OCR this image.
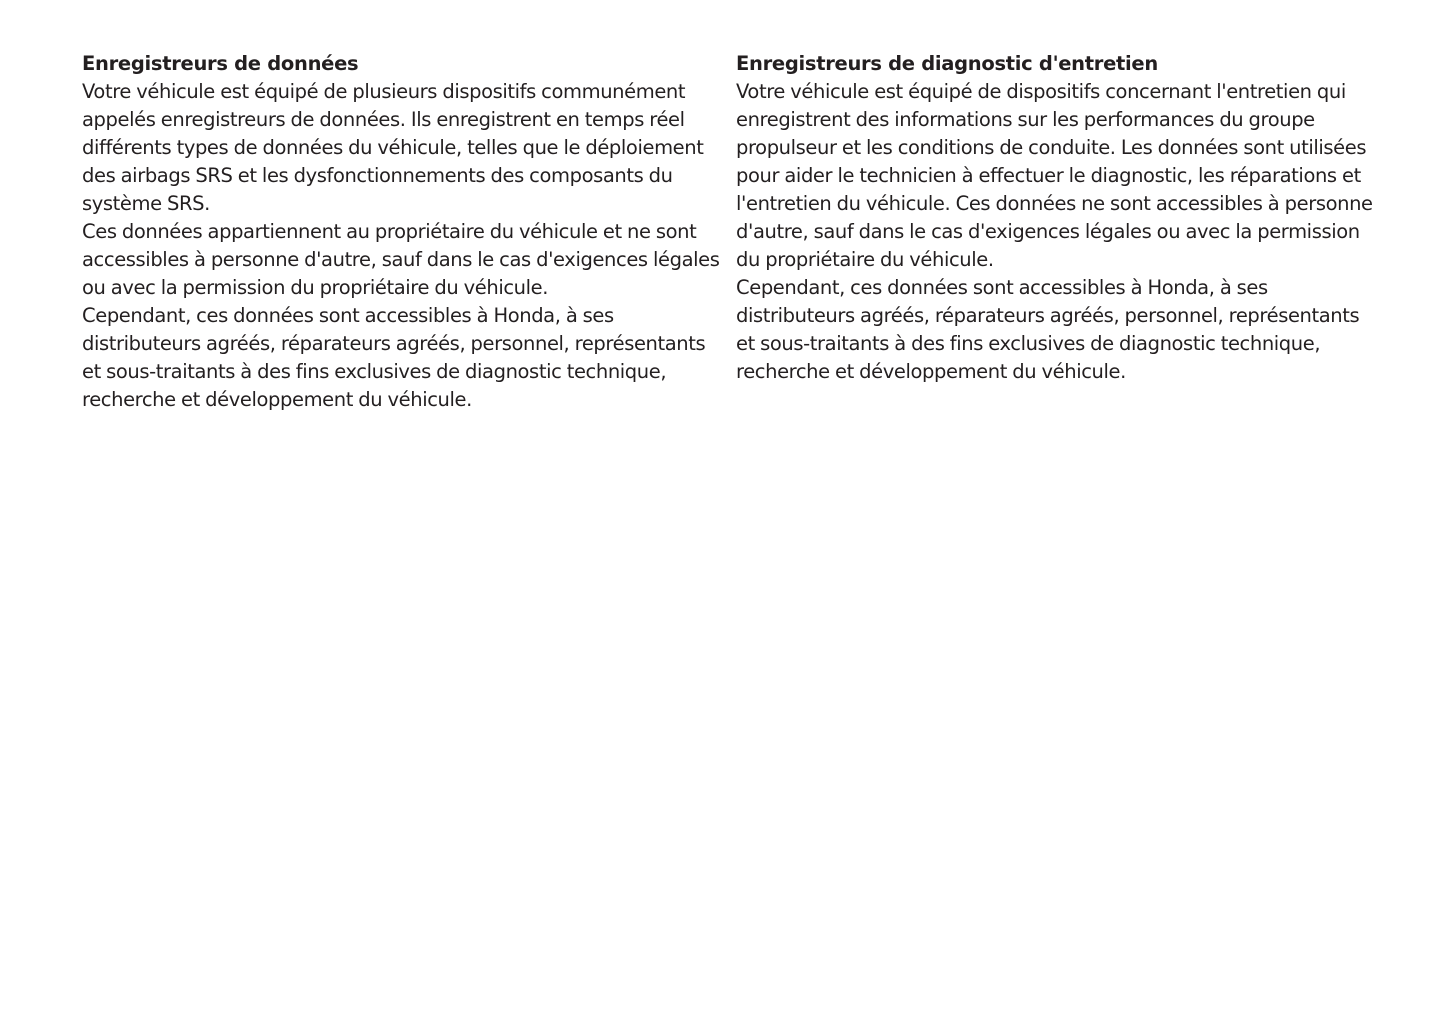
Enregistreurs de données
Votre véhicule est équipé de plusieurs dispositifs communément
appelés enregistreurs de données. Ils enregistrent en temps réel
différents types de données du véhicule, telles que le déploiement
des airbags SRS et les dysfonctionnements des composants du
système SRS.
Ces données appartiennent au propriétaire du véhicule et ne sont
accessibles à personne d'autre, sauf dans le cas d'exigences légales
ou avec la permission du propriétaire du véhicule.
Cependant, ces données sont accessibles à Honda, à ses
distributeurs agréés, réparateurs agréés, personnel, représentants
et sous-traitants à des fins exclusives de diagnostic technique,
recherche et développement du véhicule.
Enregistreurs de diagnostic d'entretien
Votre véhicule est équipé de dispositifs concernant l'entretien qui
enregistrent des informations sur les performances du groupe
propulseur et les conditions de conduite. Les données sont utilisées
pour aider le technicien à effectuer le diagnostic, les réparations et
l'entretien du véhicule. Ces données ne sont accessibles à personne
d'autre, sauf dans le cas d'exigences légales ou avec la permission
du propriétaire du véhicule.
Cependant, ces données sont accessibles à Honda, à ses
distributeurs agréés, réparateurs agréés, personnel, représentants
et sous-traitants à des fins exclusives de diagnostic technique,
recherche et développement du véhicule.
